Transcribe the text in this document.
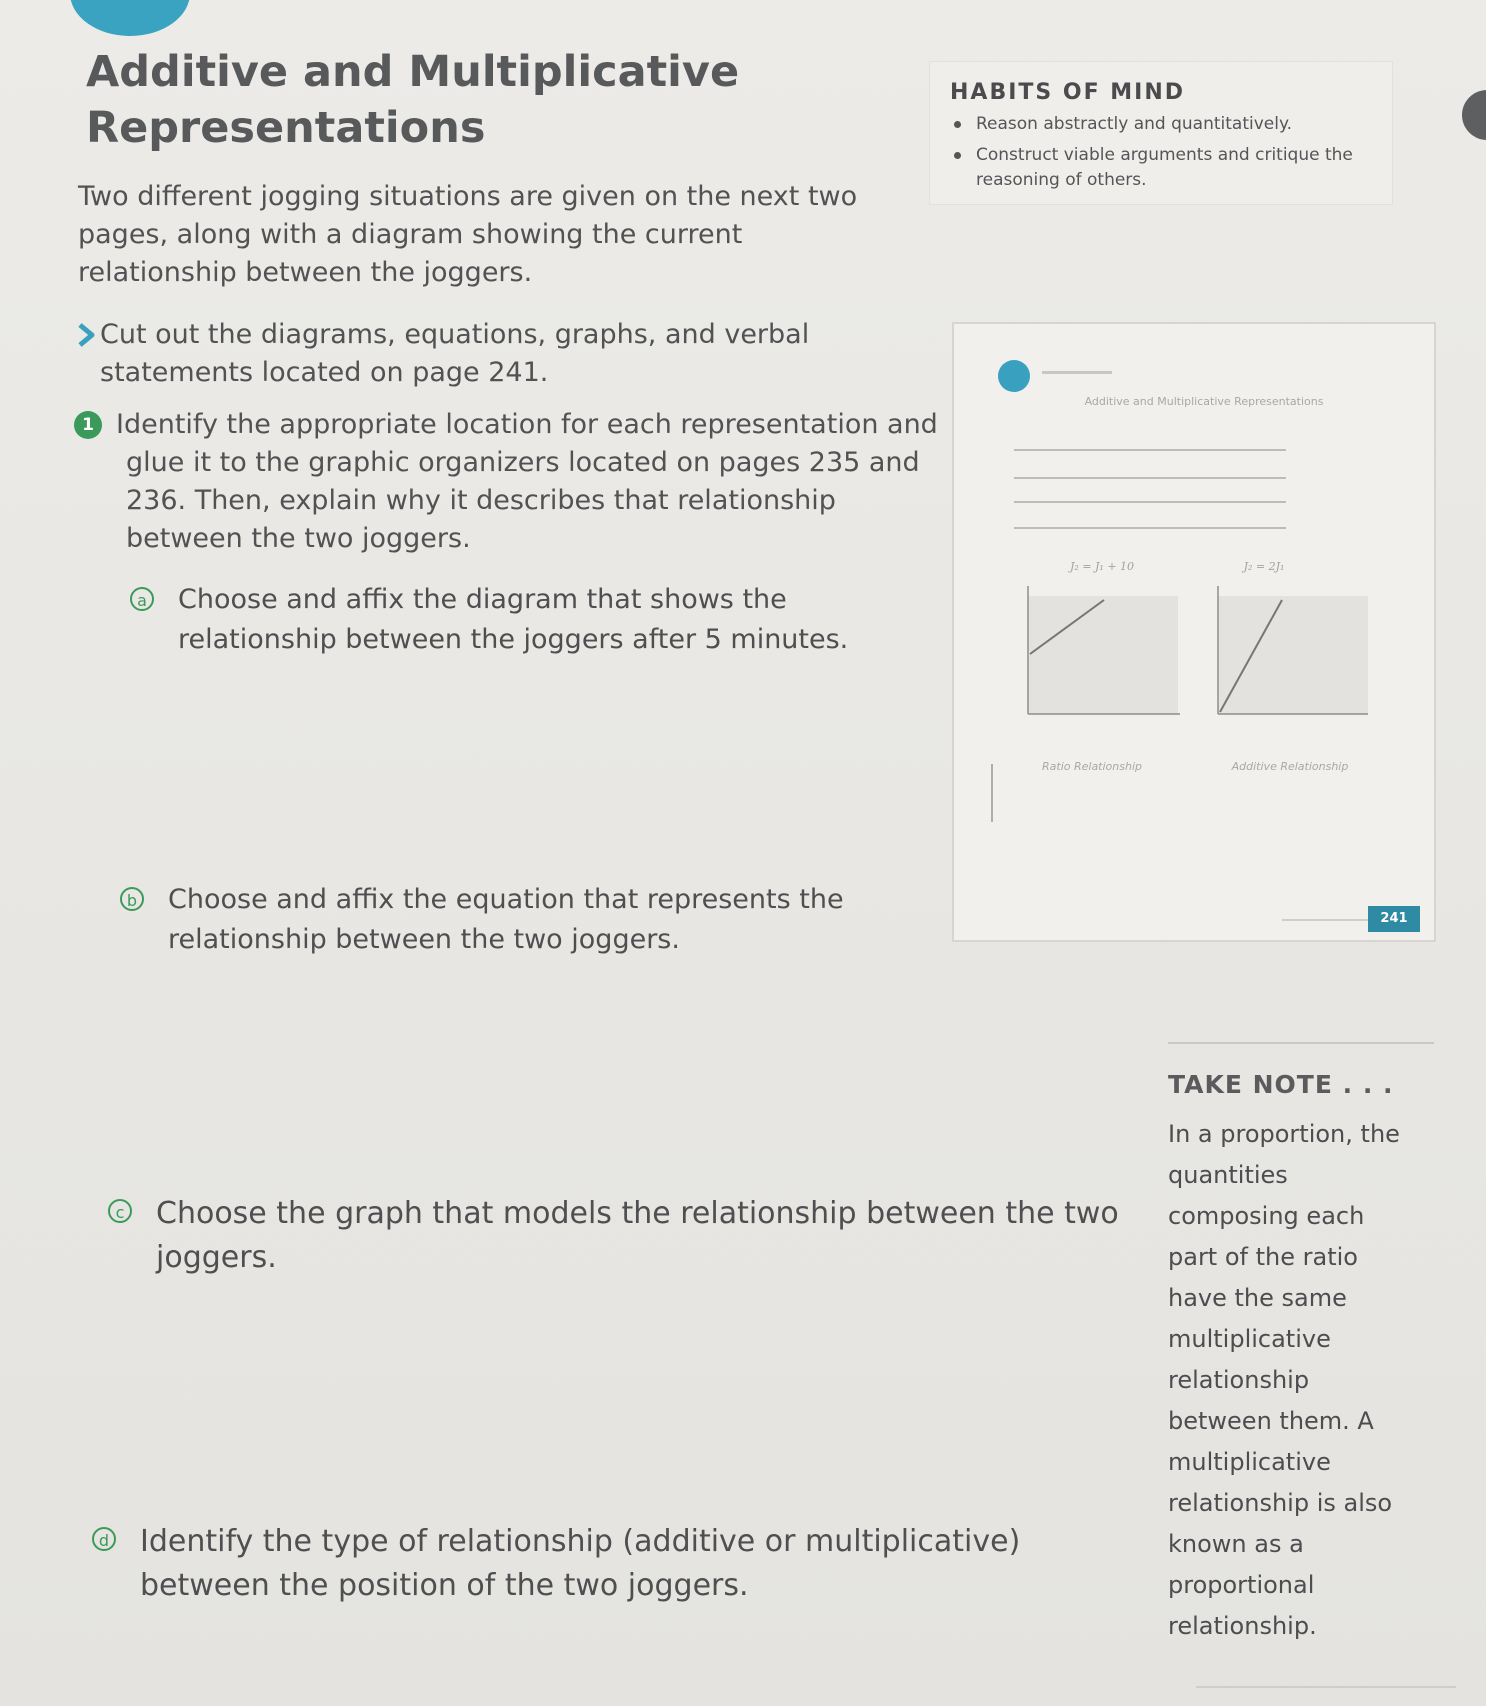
Additive and Multiplicative
Representations
HABITS OF MIND
Reason abstractly and quantitatively.
Construct viable arguments and critique the reasoning of others.

Two different jogging situations are given on the next two pages, along with a diagram showing the current relationship between the joggers.

Cut out the diagrams, equations, graphs, and verbal statements located on page 241.
1 Identify the appropriate location for each representation and glue it to the graphic organizers located on pages 235 and 236. Then, explain why it describes that relationship between the two joggers.
a	Choose and affix the diagram that shows the relationship between the joggers after 5 minutes.
b	Choose and affix the equation that represents the relationship between the two joggers.
c	Choose the graph that models the relationship between the two joggers.
d	Identify the type of relationship (additive or multiplicative) between the position of the two joggers.
Additive and Multiplicative Representations
J₂ = J₁ + 10	J₂ = 2J₁
Ratio Relationship	Additive Relationship
241
TAKE NOTE . . .

In a proportion, the quantities composing each part of the ratio have the same multiplicative relationship between them. A multiplicative relationship is also known as a proportional relationship.
